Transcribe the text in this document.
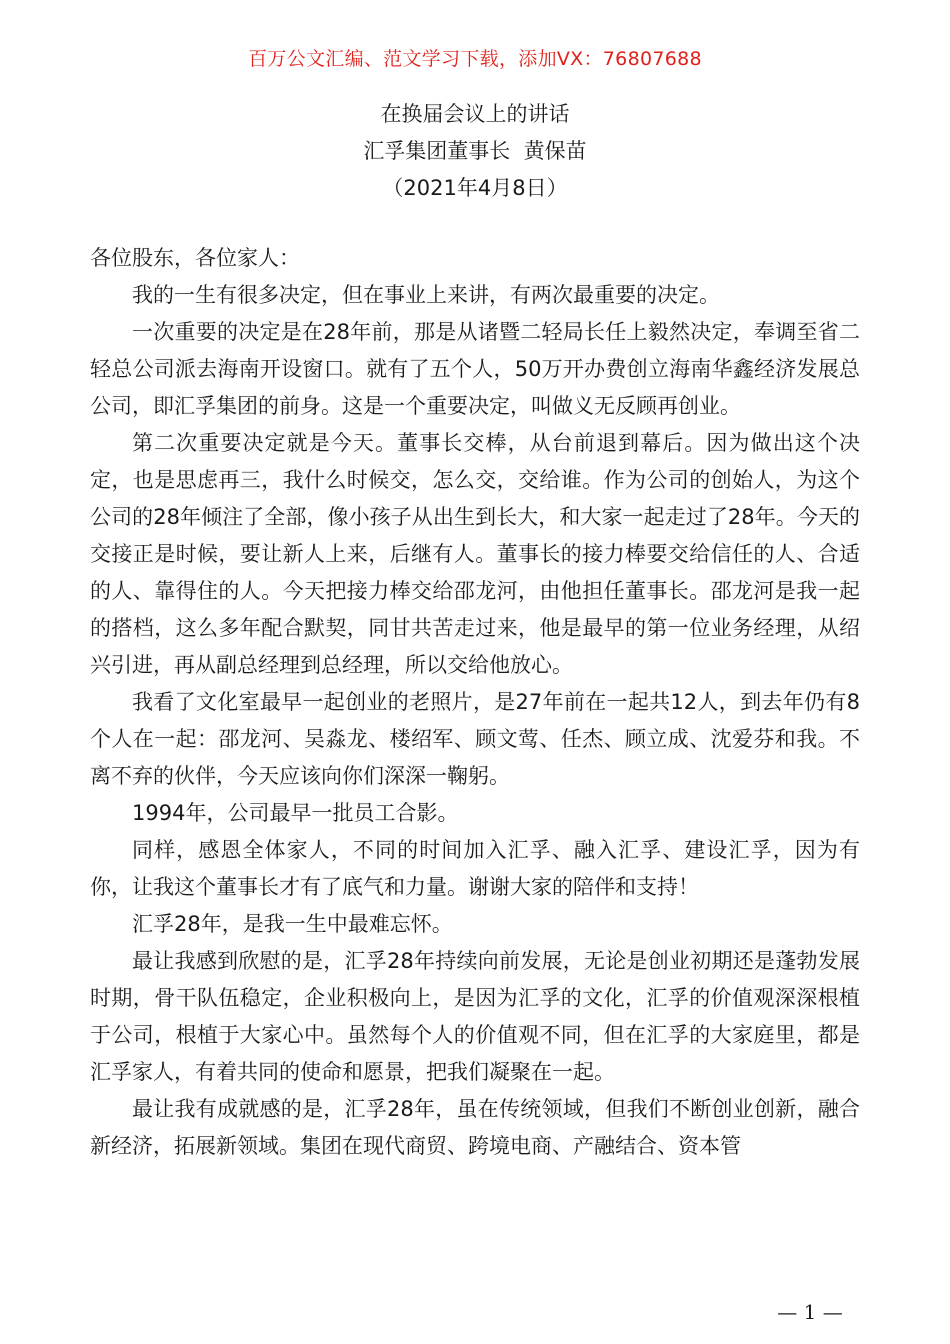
百万公文汇编、范文学习下载，添加VX：76807688
在换届会议上的讲话
汇孚集团董事长  黄保苗
（2021年4月8日）

各位股东，各位家人：

我的一生有很多决定，但在事业上来讲，有两次最重要的决定。

一次重要的决定是在28年前，那是从诸暨二轻局长任上毅然决定，奉调至省二轻总公司派去海南开设窗口。就有了五个人，50万开办费创立海南华鑫经济发展总公司，即汇孚集团的前身。这是一个重要决定，叫做义无反顾再创业。

第二次重要决定就是今天。董事长交棒，从台前退到幕后。因为做出这个决定，也是思虑再三，我什么时候交，怎么交，交给谁。作为公司的创始人，为这个公司的28年倾注了全部，像小孩子从出生到长大，和大家一起走过了28年。今天的交接正是时候，要让新人上来，后继有人。董事长的接力棒要交给信任的人、合适的人、靠得住的人。今天把接力棒交给邵龙河，由他担任董事长。邵龙河是我一起的搭档，这么多年配合默契，同甘共苦走过来，他是最早的第一位业务经理，从绍兴引进，再从副总经理到总经理，所以交给他放心。

我看了文化室最早一起创业的老照片，是27年前在一起共12人，到去年仍有8个人在一起：邵龙河、吴淼龙、楼绍军、顾文莺、任杰、顾立成、沈爱芬和我。不离不弃的伙伴，今天应该向你们深深一鞠躬。

1994年，公司最早一批员工合影。

同样，感恩全体家人，不同的时间加入汇孚、融入汇孚、建设汇孚，因为有你，让我这个董事长才有了底气和力量。谢谢大家的陪伴和支持！

汇孚28年，是我一生中最难忘怀。

最让我感到欣慰的是，汇孚28年持续向前发展，无论是创业初期还是蓬勃发展时期，骨干队伍稳定，企业积极向上，是因为汇孚的文化，汇孚的价值观深深根植于公司，根植于大家心中。虽然每个人的价值观不同，但在汇孚的大家庭里，都是汇孚家人，有着共同的使命和愿景，把我们凝聚在一起。

最让我有成就感的是，汇孚28年，虽在传统领域，但我们不断创业创新，融合新经济，拓展新领域。集团在现代商贸、跨境电商、产融结合、资本管

— 1 —
